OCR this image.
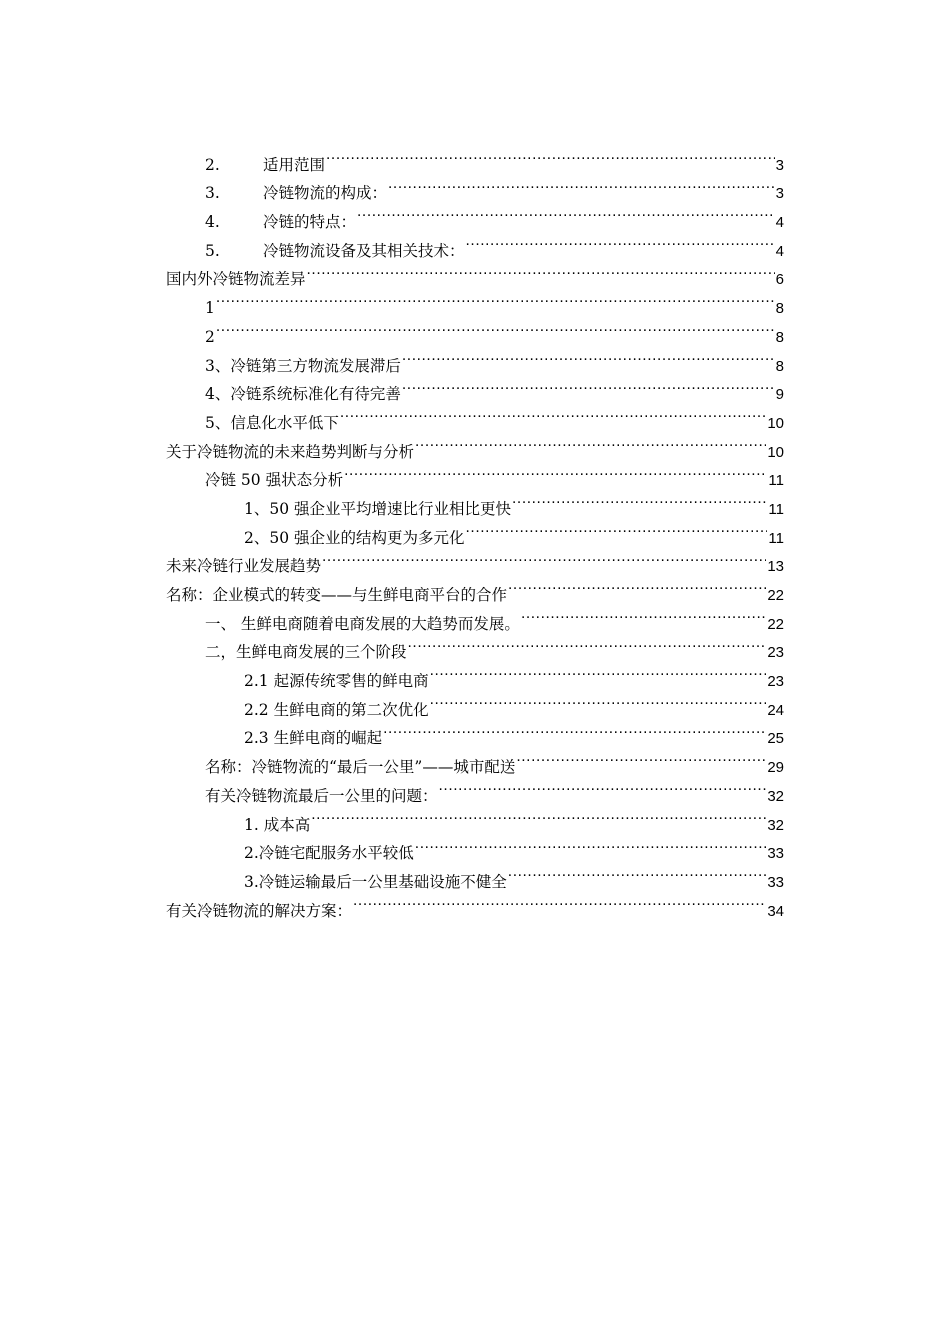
2.	适用范围 .....	3
3.	冷链物流的构成： .....	3
4.	冷链的特点： .....	4
5.	冷链物流设备及其相关技术： .....	4
国内外冷链物流差异 .....	6
1 .....	8
2 .....	8
3、冷链第三方物流发展滞后 .....	8
4、冷链系统标准化有待完善 .....	9
5、信息化水平低下 .....	10
关于冷链物流的未来趋势判断与分析 .....	10
冷链 50 强状态分析 .....	11
1、50 强企业平均增速比行业相比更快 .....	11
2、50 强企业的结构更为多元化 .....	11
未来冷链行业发展趋势 .....	13
名称：企业模式的转变——与生鲜电商平台的合作 .....	22
一、 生鲜电商随着电商发展的大趋势而发展。 .....	22
二，生鲜电商发展的三个阶段 .....	23
2.1 起源传统零售的鲜电商 .....	23
2.2 生鲜电商的第二次优化 .....	24
2.3 生鲜电商的崛起 .....	25
名称：冷链物流的“最后一公里”——城市配送 .....	29
有关冷链物流最后一公里的问题： .....	32
1. 成本高 .....	32
2.冷链宅配服务水平较低 .....	33
3.冷链运输最后一公里基础设施不健全 .....	33
有关冷链物流的解决方案： .....	34
